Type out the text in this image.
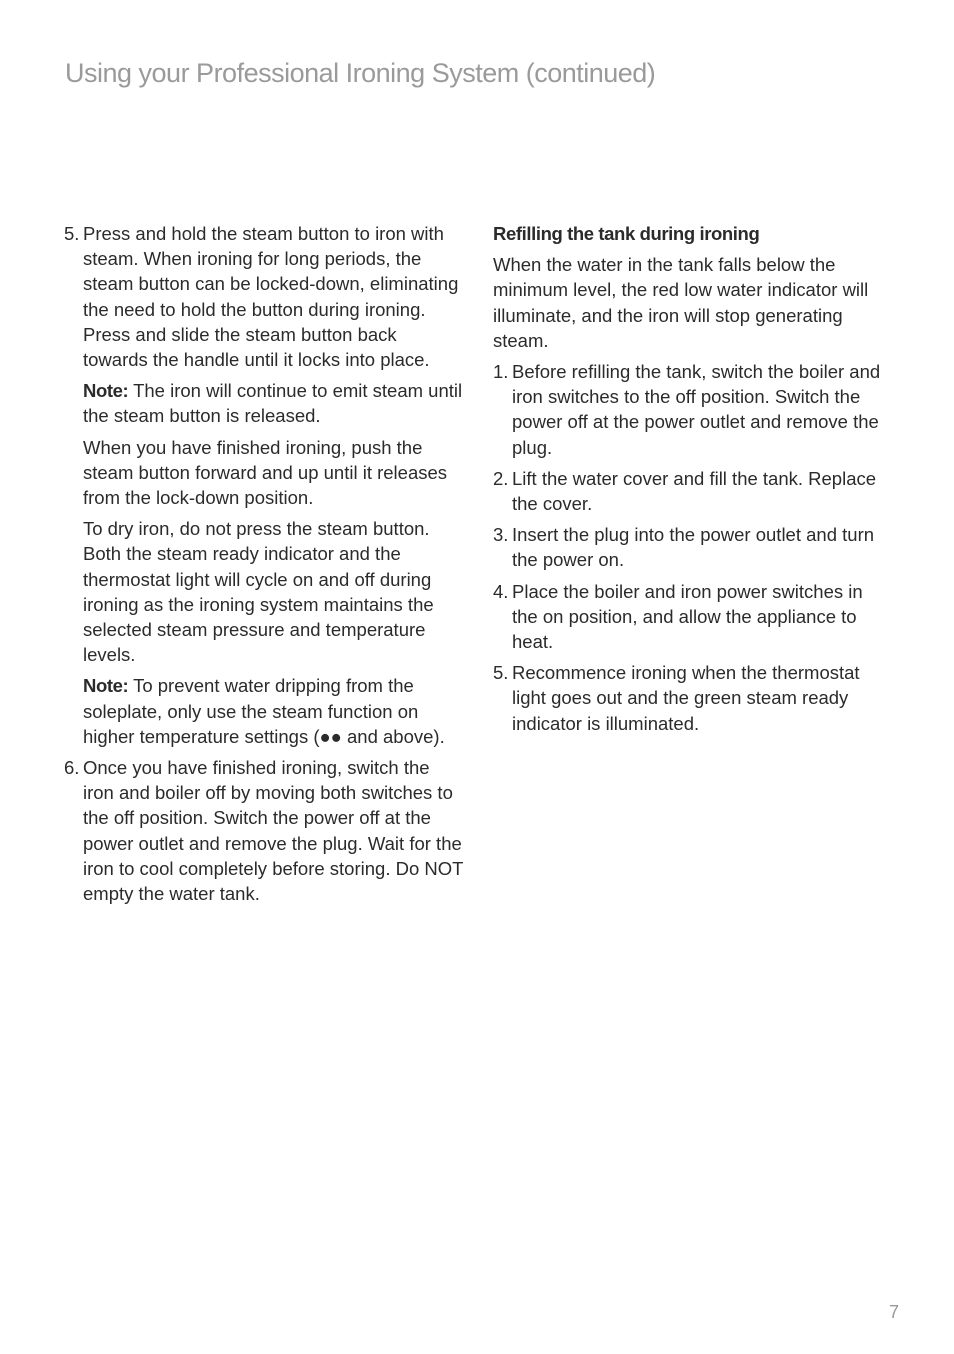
Using your Professional Ironing System (continued)
5. Press and hold the steam button to iron with steam. When ironing for long periods, the steam button can be locked-down, eliminating the need to hold the button during ironing. Press and slide the steam button back towards the handle until it locks into place.

Note: The iron will continue to emit steam until the steam button is released.

When you have finished ironing, push the steam button forward and up until it releases from the lock-down position.

To dry iron, do not press the steam button. Both the steam ready indicator and the thermostat light will cycle on and off during ironing as the ironing system maintains the selected steam pressure and temperature levels.

Note: To prevent water dripping from the soleplate, only use the steam function on higher temperature settings (●● and above).

6. Once you have finished ironing, switch the iron and boiler off by moving both switches to the off position. Switch the power off at the power outlet and remove the plug. Wait for the iron to cool completely before storing. Do NOT empty the water tank.

Refilling the tank during ironing

When the water in the tank falls below the minimum level, the red low water indicator will illuminate, and the iron will stop generating steam.

1. Before refilling the tank, switch the boiler and iron switches to the off position. Switch the power off at the power outlet and remove the plug.

2. Lift the water cover and fill the tank. Replace the cover.

3. Insert the plug into the power outlet and turn the power on.

4. Place the boiler and iron power switches in the on position, and allow the appliance to heat.

5. Recommence ironing when the thermostat light goes out and the green steam ready indicator is illuminated.

7
